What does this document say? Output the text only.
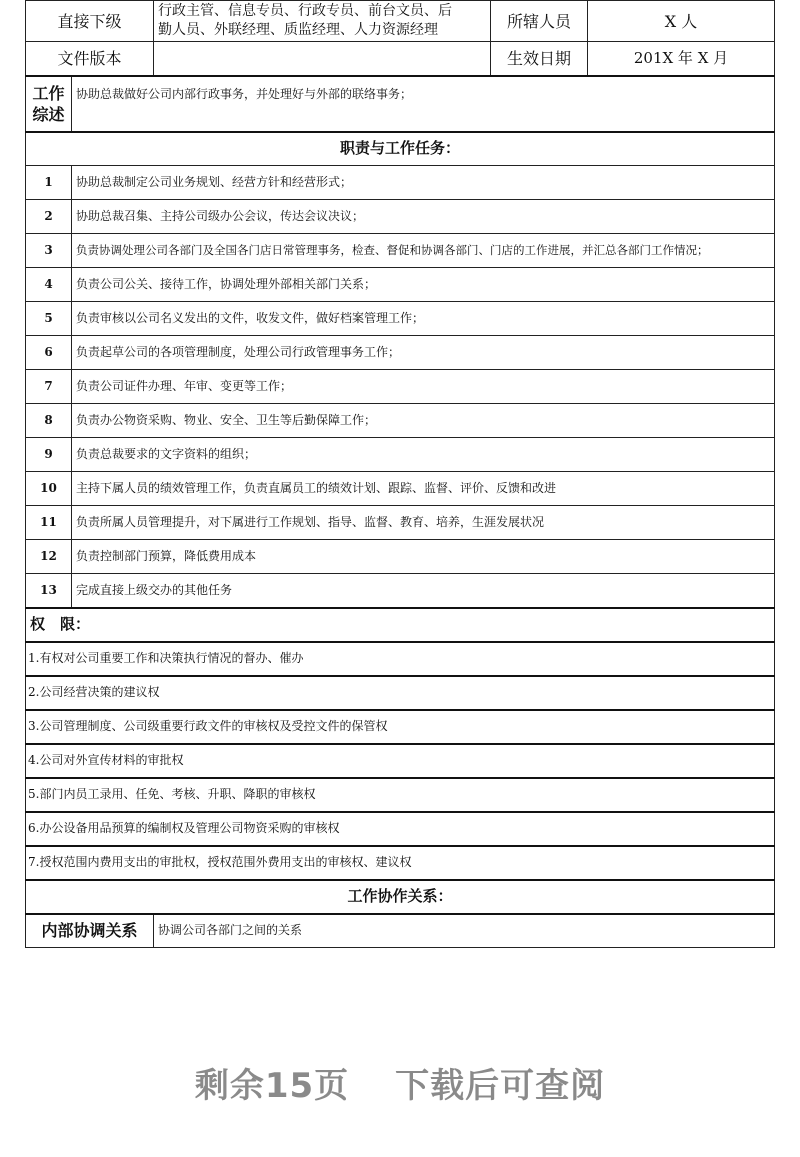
直接下级		行政主管、信息专员、行政专员、前台文员、后
勤人员、外联经理、质监经理、人力资源经理	所辖人员	X 人
文件版本			生效日期	201X 年 X 月

工作
综述	协助总裁做好公司内部行政事务，并处理好与外部的联络事务；			
职责与工作任务：				
1	协助总裁制定公司业务规划、经营方针和经营形式；			
2	协助总裁召集、主持公司级办公会议，传达会议决议；			
3	负责协调处理公司各部门及全国各门店日常管理事务，检查、督促和协调各部门、门店的工作进展，并汇总各部门工作情况；			
4	负责公司公关、接待工作，协调处理外部相关部门关系；			
5	负责审核以公司名义发出的文件，收发文件，做好档案管理工作；			
6	负责起草公司的各项管理制度，处理公司行政管理事务工作；			
7	负责公司证件办理、年审、变更等工作；			
8	负责办公物资采购、物业、安全、卫生等后勤保障工作；			
9	负责总裁要求的文字资料的组织；			
10	主持下属人员的绩效管理工作，负责直属员工的绩效计划、跟踪、监督、评价、反馈和改进			
11	负责所属人员管理提升，对下属进行工作规划、指导、监督、教育、培养，生涯发展状况			
12	负责控制部门预算，降低费用成本			
13	完成直接上级交办的其他任务			
权　限：				
1.有权对公司重要工作和决策执行情况的督办、催办				
2.公司经营决策的建议权				
3.公司管理制度、公司级重要行政文件的审核权及受控文件的保管权				
4.公司对外宣传材料的审批权				
5.部门内员工录用、任免、考核、升职、降职的审核权				
6.办公设备用品预算的编制权及管理公司物资采购的审核权				
7.授权范围内费用支出的审批权，授权范围外费用支出的审核权、建议权				
工作协作关系：				
内部协调关系		协调公司各部门之间的关系		
剩余15页 下载后可查阅
